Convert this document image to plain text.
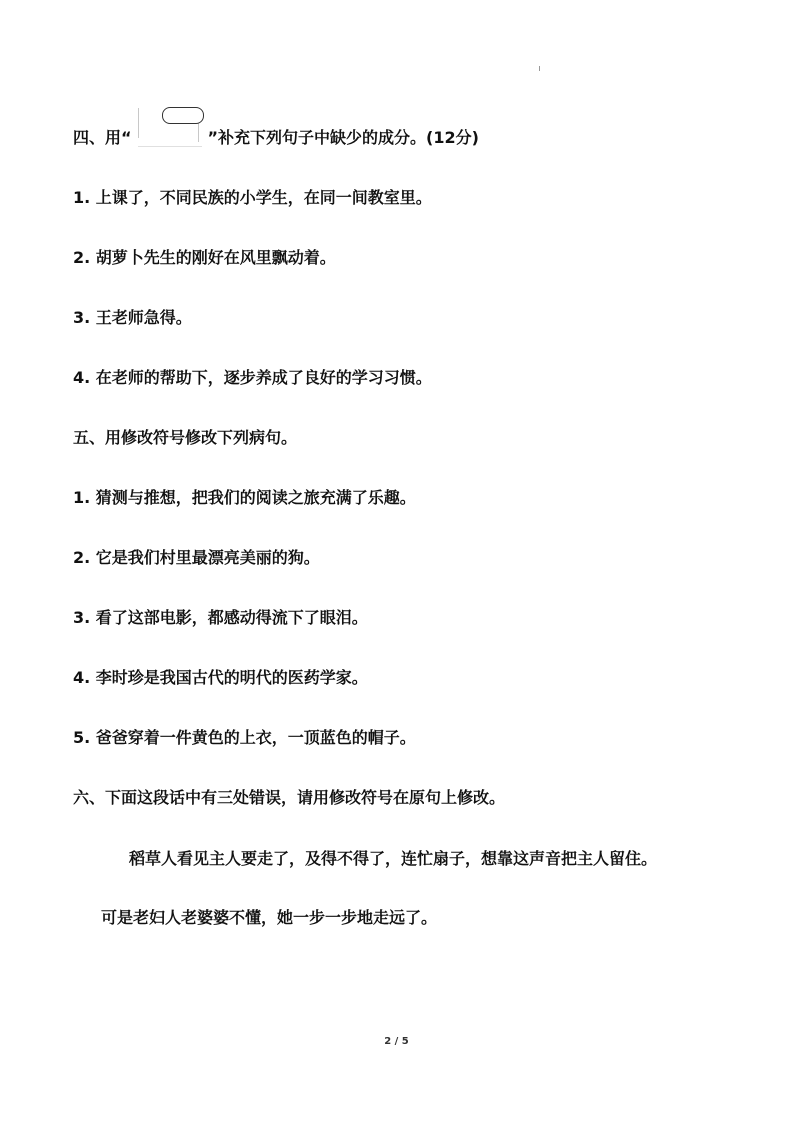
四、用“	”补充下列句子中缺少的成分。(12分)
1. 上课了，不同民族的小学生，在同一间教室里。
2. 胡萝卜先生的刚好在风里飘动着。
3. 王老师急得。
4. 在老师的帮助下，逐步养成了良好的学习习惯。
五、用修改符号修改下列病句。
1. 猜测与推想，把我们的阅读之旅充满了乐趣。
2. 它是我们村里最漂亮美丽的狗。
3. 看了这部电影，都感动得流下了眼泪。
4. 李时珍是我国古代的明代的医药学家。
5. 爸爸穿着一件黄色的上衣，一顶蓝色的帽子。
六、下面这段话中有三处错误，请用修改符号在原句上修改。
稻草人看见主人要走了，及得不得了，连忙扇子，想靠这声音把主人留住。
可是老妇人老婆婆不懂，她一步一步地走远了。
2 / 5
